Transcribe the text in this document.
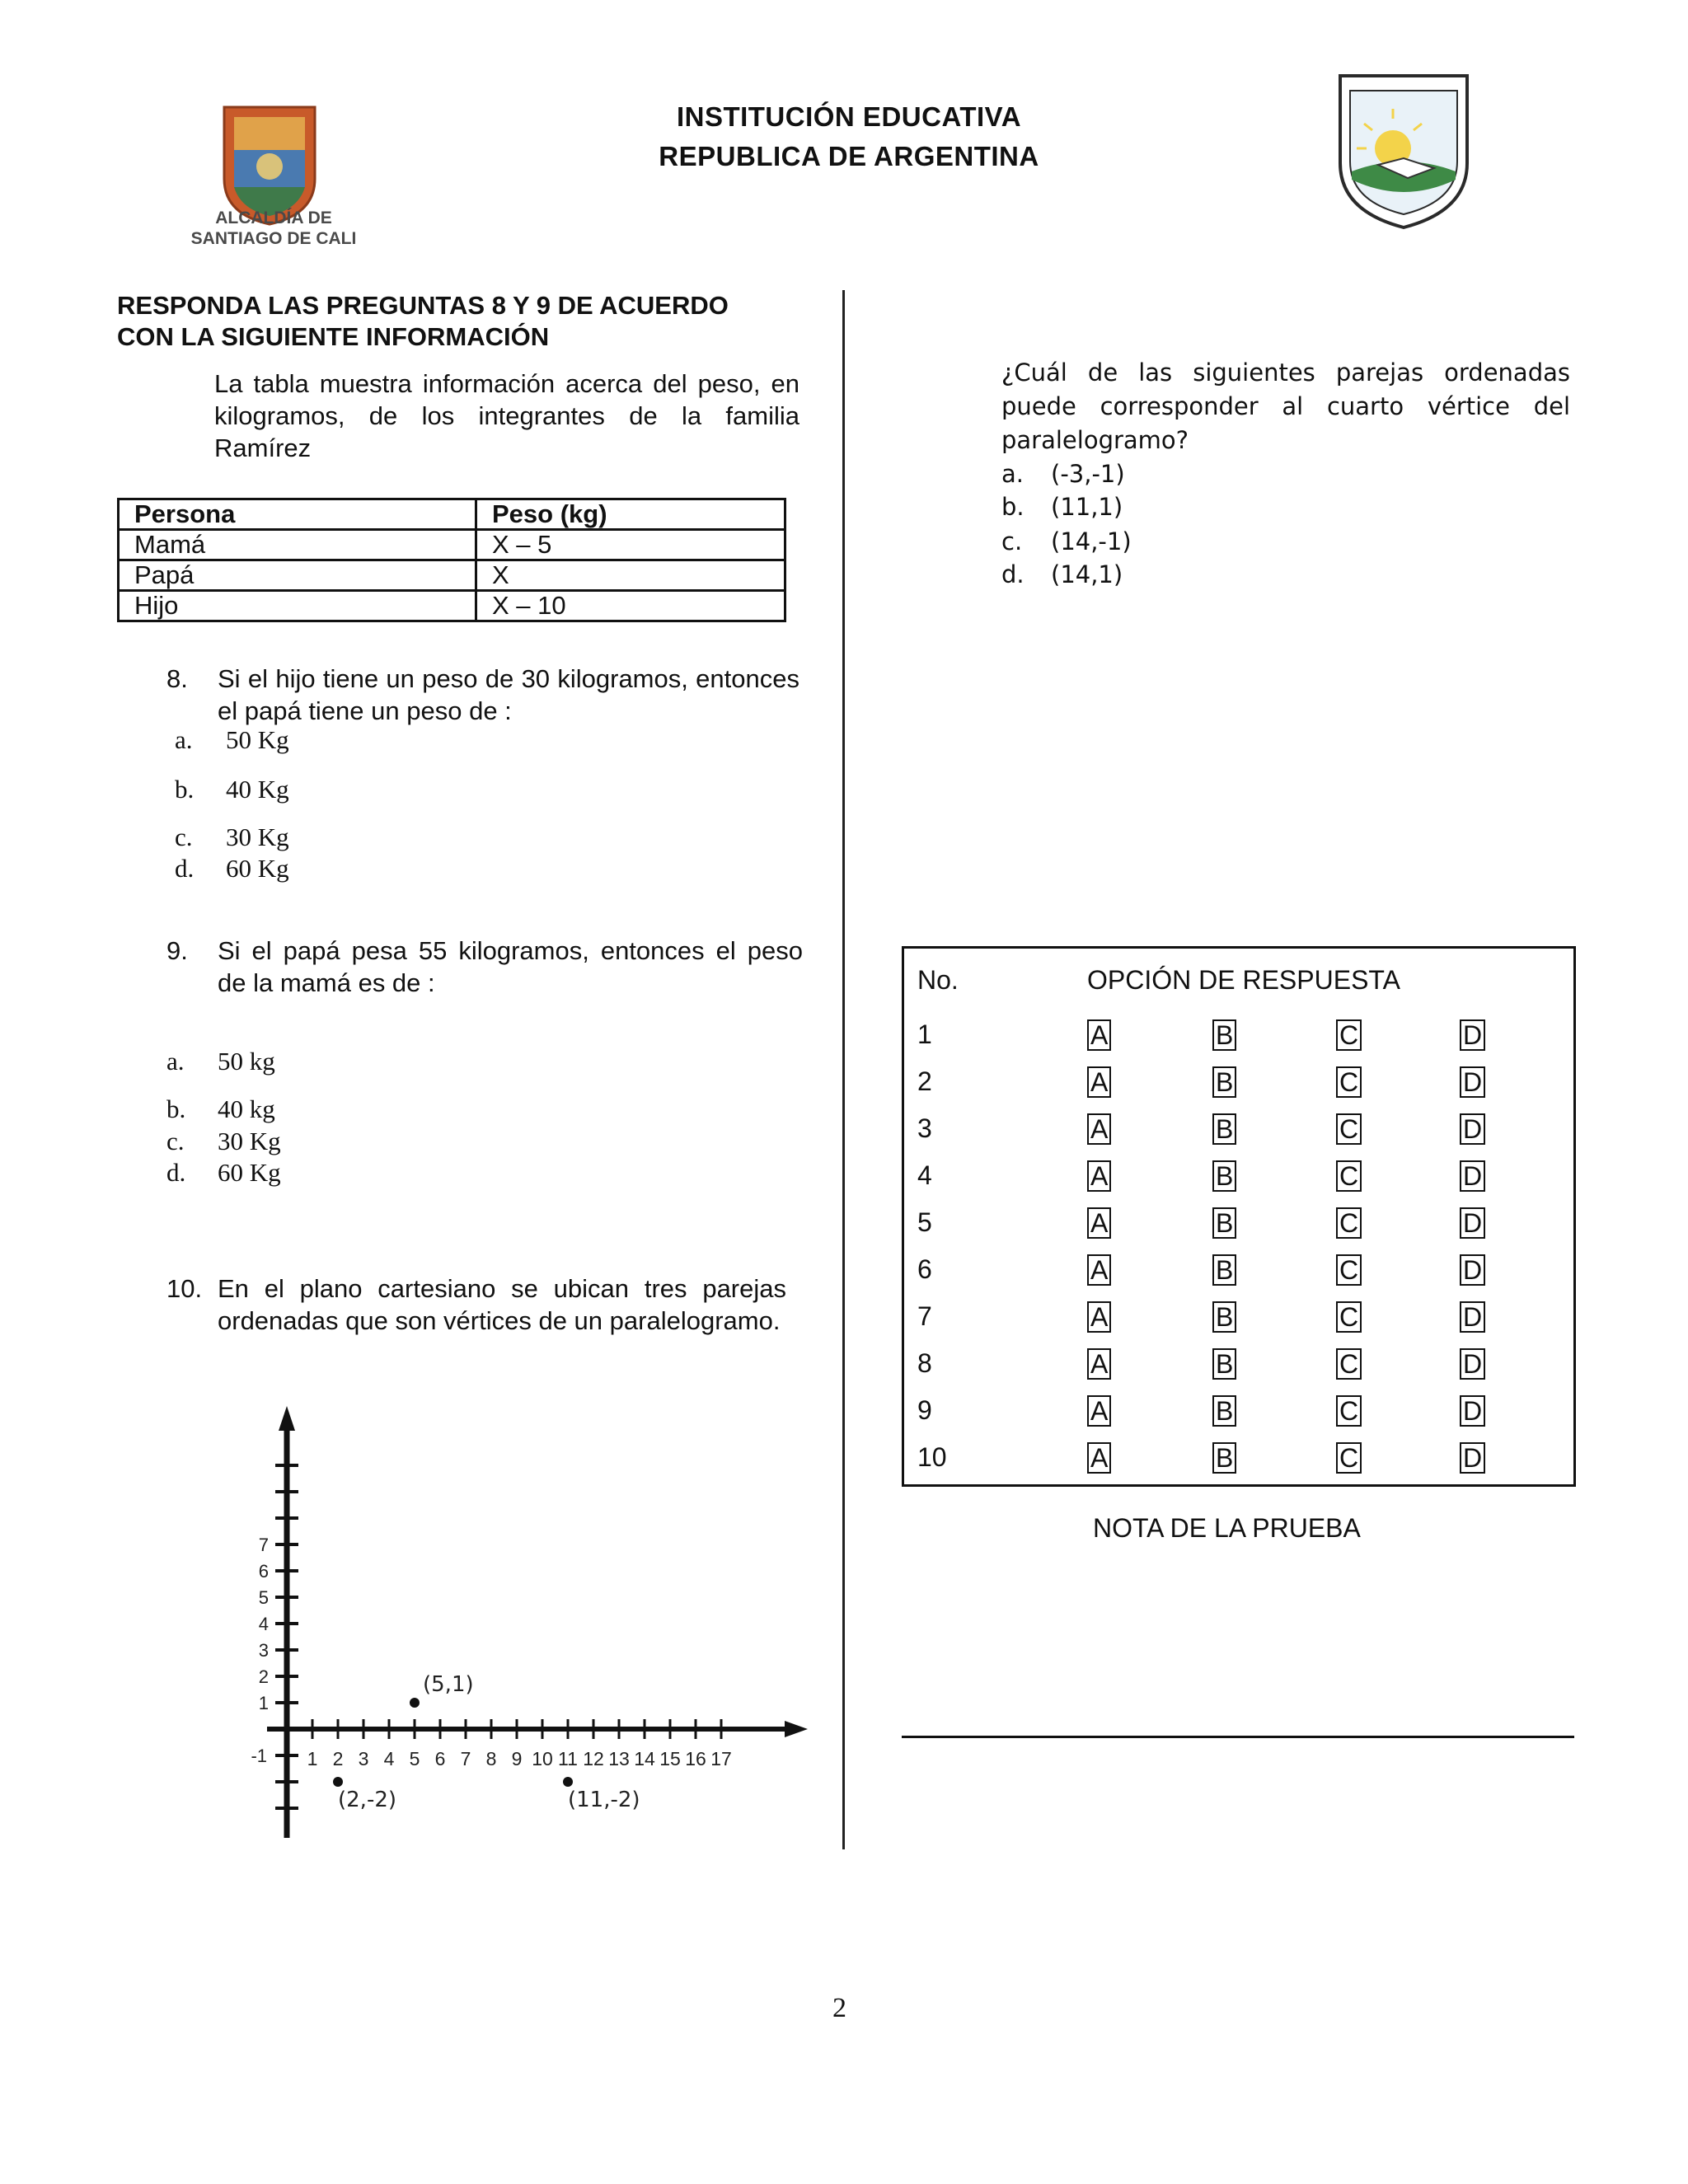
ALCALDÍA DE
SANTIAGO DE CALI
INSTITUCIÓN EDUCATIVA
REPUBLICA DE ARGENTINA
RESPONDA LAS PREGUNTAS 8 Y 9 DE ACUERDO
CON LA SIGUIENTE INFORMACIÓN
La tabla muestra información acerca del peso, en kilogramos, de los integrantes de la familia Ramírez
Persona	Peso (kg)
Mamá	X – 5
Papá	X
Hijo	X – 10
8. Si el hijo tiene un peso de 30 kilogramos, entonces el papá tiene un peso de :
a. 50 Kg
b. 40 Kg
c. 30 Kg
d. 60 Kg
9. Si el papá pesa 55 kilogramos, entonces el peso de la mamá es de :
a. 50 kg
b. 40 kg
c. 30 Kg
d. 60 Kg
10. En el plano cartesiano se ubican tres parejas ordenadas que son vértices de un paralelogramo.
1 2 3 4 5 6 7 8 9 10 11 12 13 14 15 16 17
1
2
3
4
5
6
7
-1
(5,1)
(2,-2)	(11,-2)
¿Cuál de las siguientes parejas ordenadas puede corresponder al cuarto vértice del paralelogramo?
a. (-3,-1)
b. (11,1)
c. (14,-1)
d. (14,1)
No.	OPCIÓN DE RESPUESTA
1	A	B	C	D
2	A	B	C	D
3	A	B	C	D
4	A	B	C	D
5	A	B	C	D
6	A	B	C	D
7	A	B	C	D
8	A	B	C	D
9	A	B	C	D
10	A	B	C	D
NOTA DE LA PRUEBA
2
